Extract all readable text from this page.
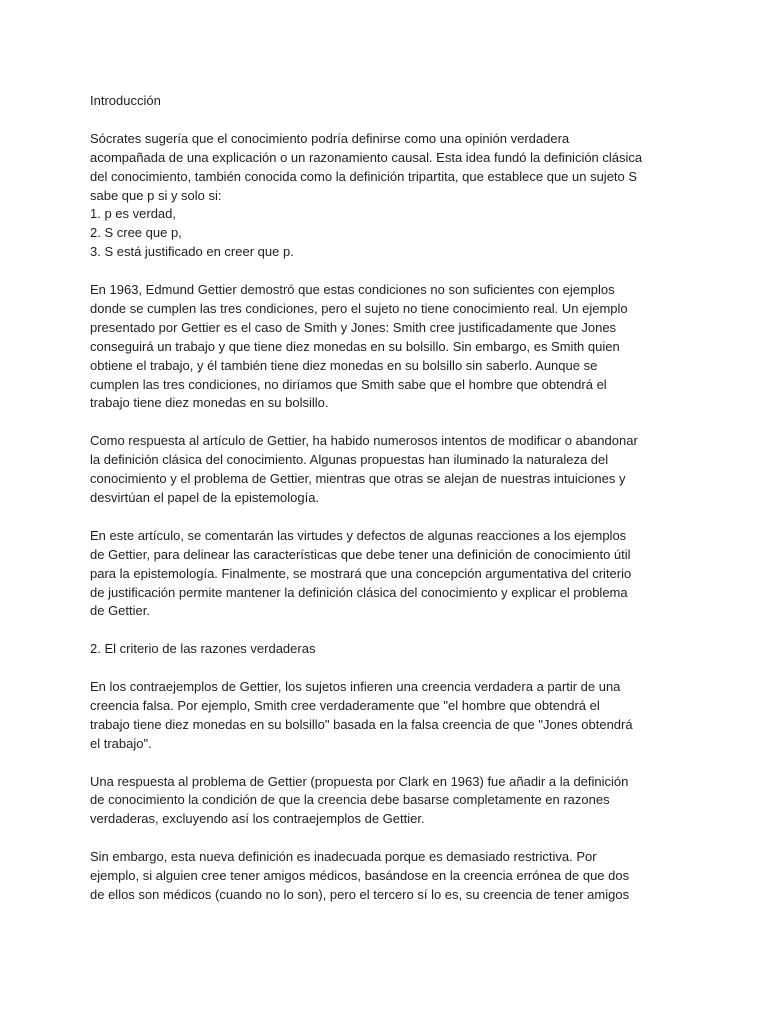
Introducción
Sócrates sugería que el conocimiento podría definirse como una opinión verdadera
acompañada de una explicación o un razonamiento causal. Esta idea fundó la definición clásica
del conocimiento, también conocida como la definición tripartita, que establece que un sujeto S
sabe que p si y solo si:
1. p es verdad,
2. S cree que p,
3. S está justificado en creer que p.
En 1963, Edmund Gettier demostró que estas condiciones no son suficientes con ejemplos
donde se cumplen las tres condiciones, pero el sujeto no tiene conocimiento real. Un ejemplo
presentado por Gettier es el caso de Smith y Jones: Smith cree justificadamente que Jones
conseguirá un trabajo y que tiene diez monedas en su bolsillo. Sin embargo, es Smith quien
obtiene el trabajo, y él también tiene diez monedas en su bolsillo sin saberlo. Aunque se
cumplen las tres condiciones, no diríamos que Smith sabe que el hombre que obtendrá el
trabajo tiene diez monedas en su bolsillo.
Como respuesta al artículo de Gettier, ha habido numerosos intentos de modificar o abandonar
la definición clásica del conocimiento. Algunas propuestas han iluminado la naturaleza del
conocimiento y el problema de Gettier, mientras que otras se alejan de nuestras intuiciones y
desvirtúan el papel de la epistemología.
En este artículo, se comentarán las virtudes y defectos de algunas reacciones a los ejemplos
de Gettier, para delinear las características que debe tener una definición de conocimiento útil
para la epistemología. Finalmente, se mostrará que una concepción argumentativa del criterio
de justificación permite mantener la definición clásica del conocimiento y explicar el problema
de Gettier.
2. El criterio de las razones verdaderas
En los contraejemplos de Gettier, los sujetos infieren una creencia verdadera a partir de una
creencia falsa. Por ejemplo, Smith cree verdaderamente que "el hombre que obtendrá el
trabajo tiene diez monedas en su bolsillo" basada en la falsa creencia de que "Jones obtendrá
el trabajo".
Una respuesta al problema de Gettier (propuesta por Clark en 1963) fue añadir a la definición
de conocimiento la condición de que la creencia debe basarse completamente en razones
verdaderas, excluyendo así los contraejemplos de Gettier.
Sin embargo, esta nueva definición es inadecuada porque es demasiado restrictiva. Por
ejemplo, si alguien cree tener amigos médicos, basándose en la creencia errónea de que dos
de ellos son médicos (cuando no lo son), pero el tercero sí lo es, su creencia de tener amigos
